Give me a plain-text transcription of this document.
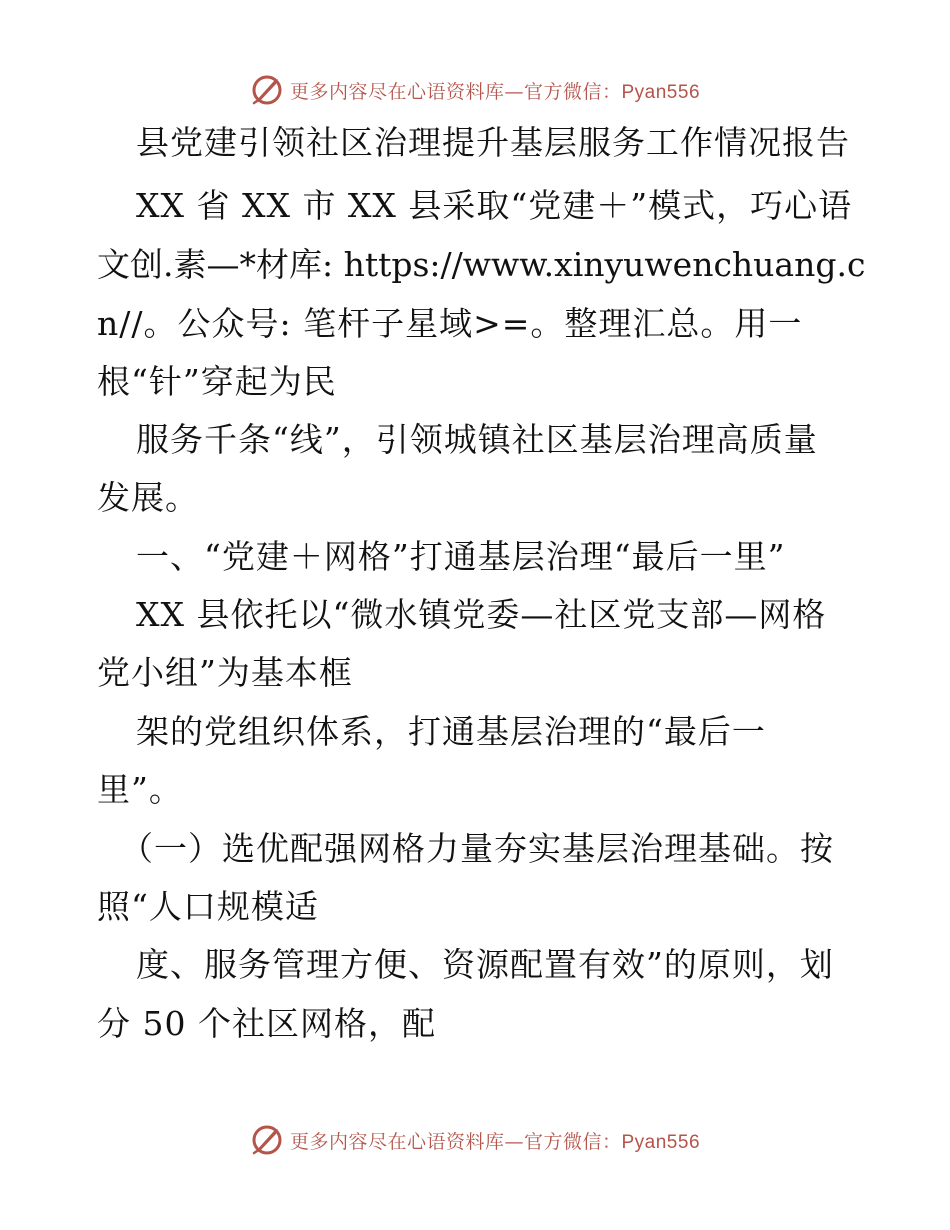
更多内容尽在心语资料库—官方微信：Pyan556
县党建引领社区治理提升基层服务工作情况报告
XX 省 XX 市 XX 县采取“党建＋”模式，巧心语
文创.素—*材库: https://www.xinyuwenchuang.c
n//。公众号: 笔杆子星域>=。整理汇总。用一
根“针”穿起为民
服务千条“线”，引领城镇社区基层治理高质量
发展。
一、“党建＋网格”打通基层治理“最后一里”
XX 县依托以“微水镇党委—社区党支部—网格
党小组”为基本框
架的党组织体系，打通基层治理的“最后一
里”。
（一）选优配强网格力量夯实基层治理基础。按
照“人口规模适
度、服务管理方便、资源配置有效”的原则，划
分 50 个社区网格，配
更多内容尽在心语资料库—官方微信：Pyan556
